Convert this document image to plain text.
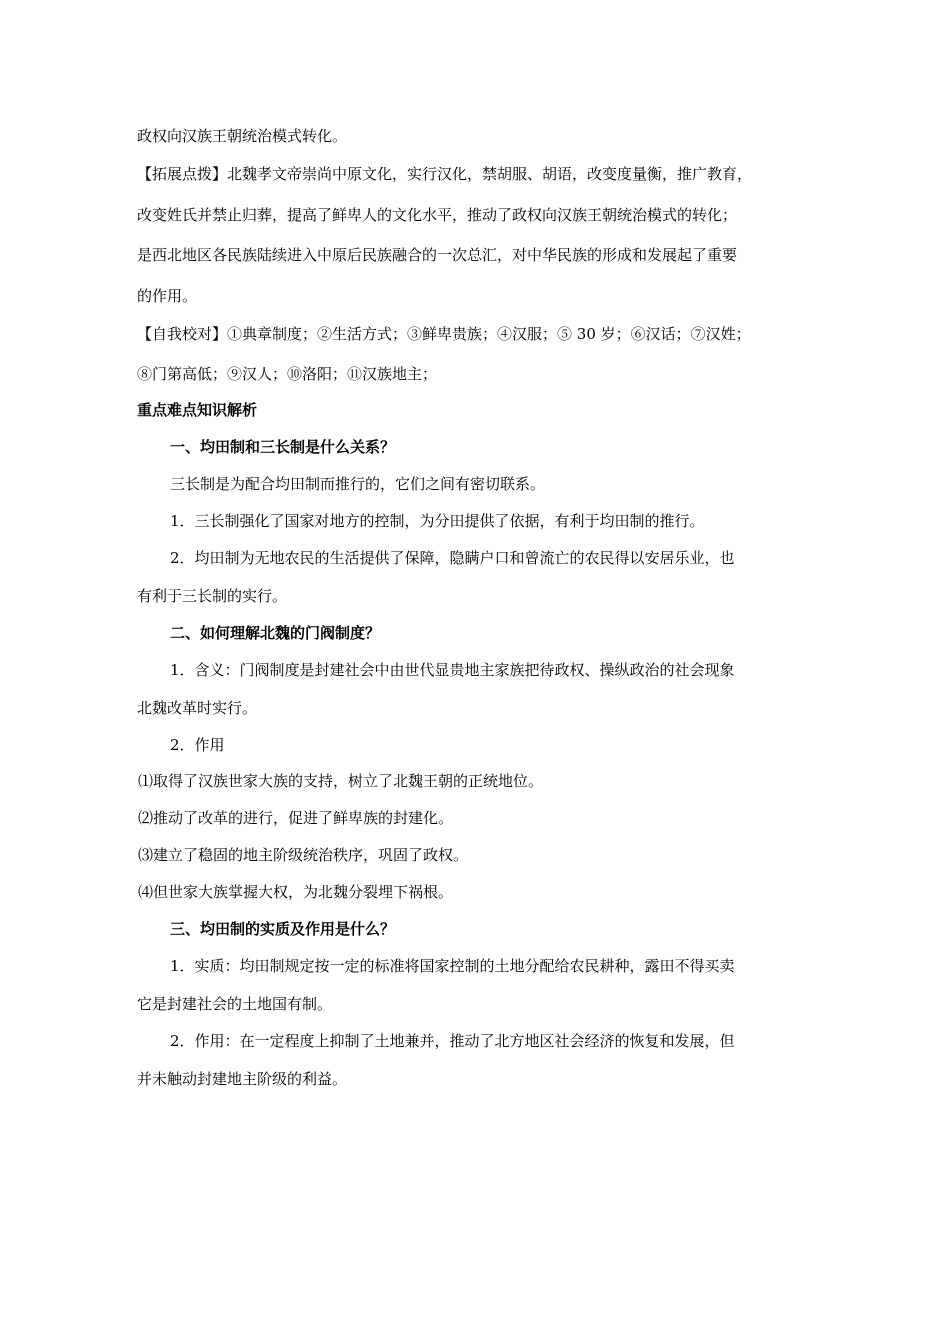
政权向汉族王朝统治模式转化。
【拓展点拨】北魏孝文帝崇尚中原文化，实行汉化，禁胡服、胡语，改变度量衡，推广教育，
改变姓氏并禁止归葬，提高了鲜卑人的文化水平，推动了政权向汉族王朝统治模式的转化；
是西北地区各民族陆续进入中原后民族融合的一次总汇，对中华民族的形成和发展起了重要
的作用。
【自我校对】①典章制度；②生活方式；③鲜卑贵族；④汉服；⑤ 30 岁；⑥汉话；⑦汉姓；
⑧门第高低；⑨汉人；⑩洛阳；⑪汉族地主；
重点难点知识解析
一、均田制和三长制是什么关系？
三长制是为配合均田制而推行的，它们之间有密切联系。
1．三长制强化了国家对地方的控制，为分田提供了依据，有利于均田制的推行。
2．均田制为无地农民的生活提供了保障，隐瞒户口和曾流亡的农民得以安居乐业，也
有利于三长制的实行。
二、如何理解北魏的门阀制度？
1．含义：门阀制度是封建社会中由世代显贵地主家族把待政权、操纵政治的社会现象
北魏改革时实行。
2．作用
⑴取得了汉族世家大族的支持，树立了北魏王朝的正统地位。
⑵推动了改革的进行，促进了鲜卑族的封建化。
⑶建立了稳固的地主阶级统治秩序，巩固了政权。
⑷但世家大族掌握大权，为北魏分裂埋下祸根。
三、均田制的实质及作用是什么？
1．实质：均田制规定按一定的标准将国家控制的土地分配给农民耕种，露田不得买卖
它是封建社会的土地国有制。
2．作用：在一定程度上抑制了土地兼并，推动了北方地区社会经济的恢复和发展，但
并未触动封建地主阶级的利益。
